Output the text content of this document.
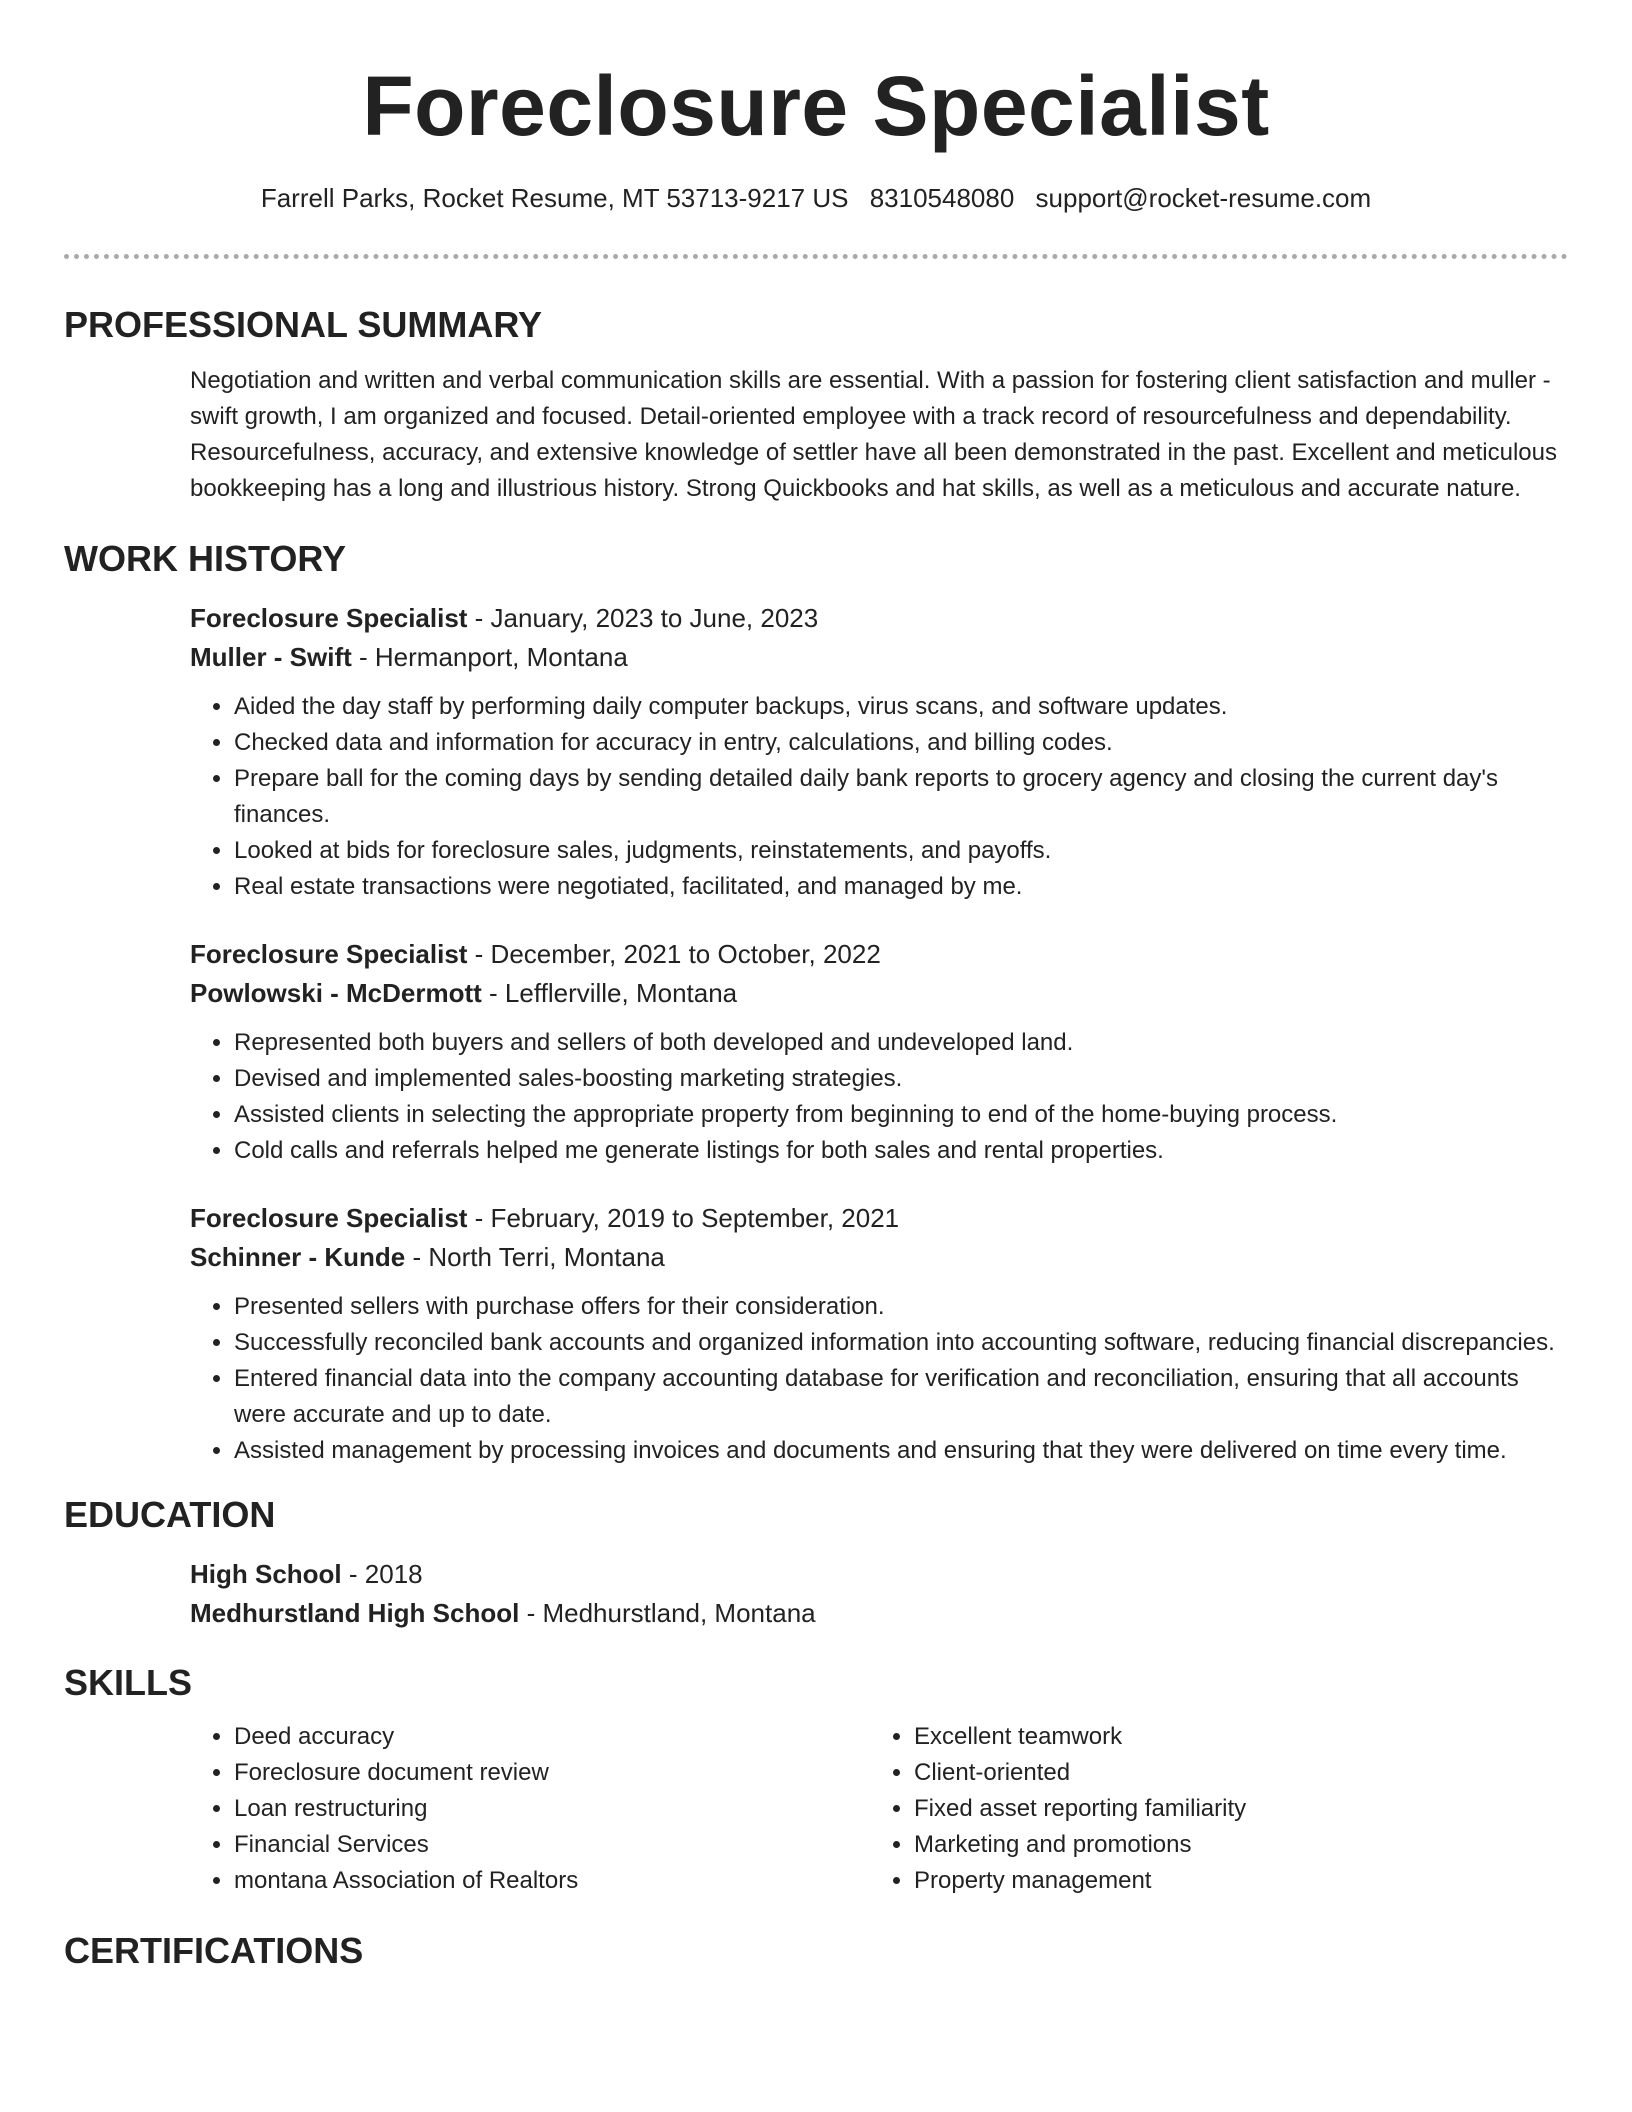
Foreclosure Specialist
Farrell Parks, Rocket Resume, MT 53713-9217 US 8310548080 support@rocket-resume.com
PROFESSIONAL SUMMARY

Negotiation and written and verbal communication skills are essential. With a passion for fostering client satisfaction and muller - swift growth, I am organized and focused. Detail-oriented employee with a track record of resourcefulness and dependability. Resourcefulness, accuracy, and extensive knowledge of settler have all been demonstrated in the past. Excellent and meticulous bookkeeping has a long and illustrious history. Strong Quickbooks and hat skills, as well as a meticulous and accurate nature.

WORK HISTORY

Foreclosure Specialist - January, 2023 to June, 2023

Muller - Swift - Hermanport, Montana

• Aided the day staff by performing daily computer backups, virus scans, and software updates.
• Checked data and information for accuracy in entry, calculations, and billing codes.
• Prepare ball for the coming days by sending detailed daily bank reports to grocery agency and closing the current day's finances.
• Looked at bids for foreclosure sales, judgments, reinstatements, and payoffs.
• Real estate transactions were negotiated, facilitated, and managed by me.

Foreclosure Specialist - December, 2021 to October, 2022

Powlowski - McDermott - Lefflerville, Montana

• Represented both buyers and sellers of both developed and undeveloped land.
• Devised and implemented sales-boosting marketing strategies.
• Assisted clients in selecting the appropriate property from beginning to end of the home-buying process.
• Cold calls and referrals helped me generate listings for both sales and rental properties.

Foreclosure Specialist - February, 2019 to September, 2021

Schinner - Kunde - North Terri, Montana

• Presented sellers with purchase offers for their consideration.
• Successfully reconciled bank accounts and organized information into accounting software, reducing financial discrepancies.
• Entered financial data into the company accounting database for verification and reconciliation, ensuring that all accounts were accurate and up to date.
• Assisted management by processing invoices and documents and ensuring that they were delivered on time every time.
EDUCATION

High School - 2018

Medhurstland High School - Medhurstland, Montana

SKILLS
• Deed accuracy
• Foreclosure document review
• Loan restructuring
• Financial Services
• montana Association of Realtors
• Excellent teamwork
• Client-oriented
• Fixed asset reporting familiarity
• Marketing and promotions
• Property management
CERTIFICATIONS
